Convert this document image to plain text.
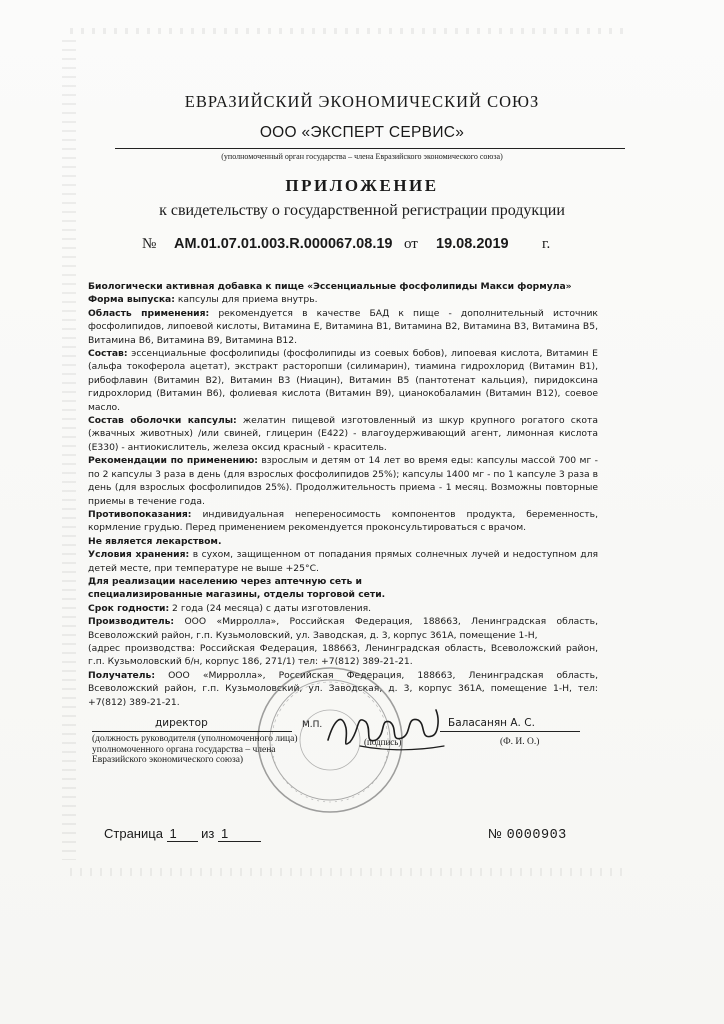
ЕВРАЗИЙСКИЙ ЭКОНОМИЧЕСКИЙ СОЮЗ
ООО «ЭКСПЕРТ СЕРВИС»
(уполномоченный орган государства – члена Евразийского экономического союза)
ПРИЛОЖЕНИЕ
к свидетельству о государственной регистрации продукции
№ AM.01.07.01.003.R.000067.08.19 от 19.08.2019 г.

Биологически активная добавка к пище «Эссенциальные фосфолипиды Макси формула»

Форма выпуска: капсулы для приема внутрь.

Область применения: рекомендуется в качестве БАД к пище - дополнительный источник фосфолипидов, липоевой кислоты, Витамина Е, Витамина В1, Витамина В2, Витамина В3, Витамина В5, Витамина В6, Витамина В9, Витамина В12.

Состав: эссенциальные фосфолипиды (фосфолипиды из соевых бобов), липоевая кислота, Витамин Е (альфа токоферола ацетат), экстракт расторопши (силимарин), тиамина гидрохлорид (Витамин В1), рибофлавин (Витамин В2), Витамин В3 (Ниацин), Витамин В5 (пантотенат кальция), пиридоксина гидрохлорид (Витамин В6), фолиевая кислота (Витамин В9), цианокобаламин (Витамин В12), соевое масло.

Состав оболочки капсулы: желатин пищевой изготовленный из шкур крупного рогатого скота (жвачных животных) /или свиней, глицерин (Е422) - влагоудерживающий агент, лимонная кислота (Е330) - антиокислитель, железа оксид красный - краситель.

Рекомендации по применению: взрослым и детям от 14 лет во время еды: капсулы массой 700 мг - по 2 капсулы 3 раза в день (для взрослых фосфолипидов 25%); капсулы 1400 мг - по 1 капсуле 3 раза в день (для взрослых фосфолипидов 25%). Продолжительность приема - 1 месяц. Возможны повторные приемы в течение года.

Противопоказания: индивидуальная непереносимость компонентов продукта, беременность, кормление грудью. Перед применением рекомендуется проконсультироваться с врачом.

Не является лекарством.

Условия хранения: в сухом, защищенном от попадания прямых солнечных лучей и недоступном для детей месте, при температуре не выше +25°С.

Для реализации населению через аптечную сеть и специализированные магазины, отделы торговой сети.

Срок годности: 2 года (24 месяца) с даты изготовления.

Производитель: ООО «Мирролла», Российская Федерация, 188663, Ленинградская область, Всеволожский район, г.п. Кузьмоловский, ул. Заводская, д. 3, корпус 361А, помещение 1-Н,

(адрес производства: Российская Федерация, 188663, Ленинградская область, Всеволожский район, г.п. Кузьмоловский б/н, корпус 186, 271/1) тел: +7(812) 389-21-21.

Получатель: ООО «Мирролла», Российская Федерация, 188663, Ленинградская область, Всеволожский район, г.п. Кузьмоловский, ул. Заводская, д. 3, корпус 361А, помещение 1-Н, тел: +7(812) 389-21-21.

директор	М.П.	Баласанян А. С.
(должность руководителя (уполномоченного лица) уполномоченного органа государства – члена Евразийского экономического союза)
(подпись)	(Ф. И. О.)
Страница 1 из 1	№ 0000903
